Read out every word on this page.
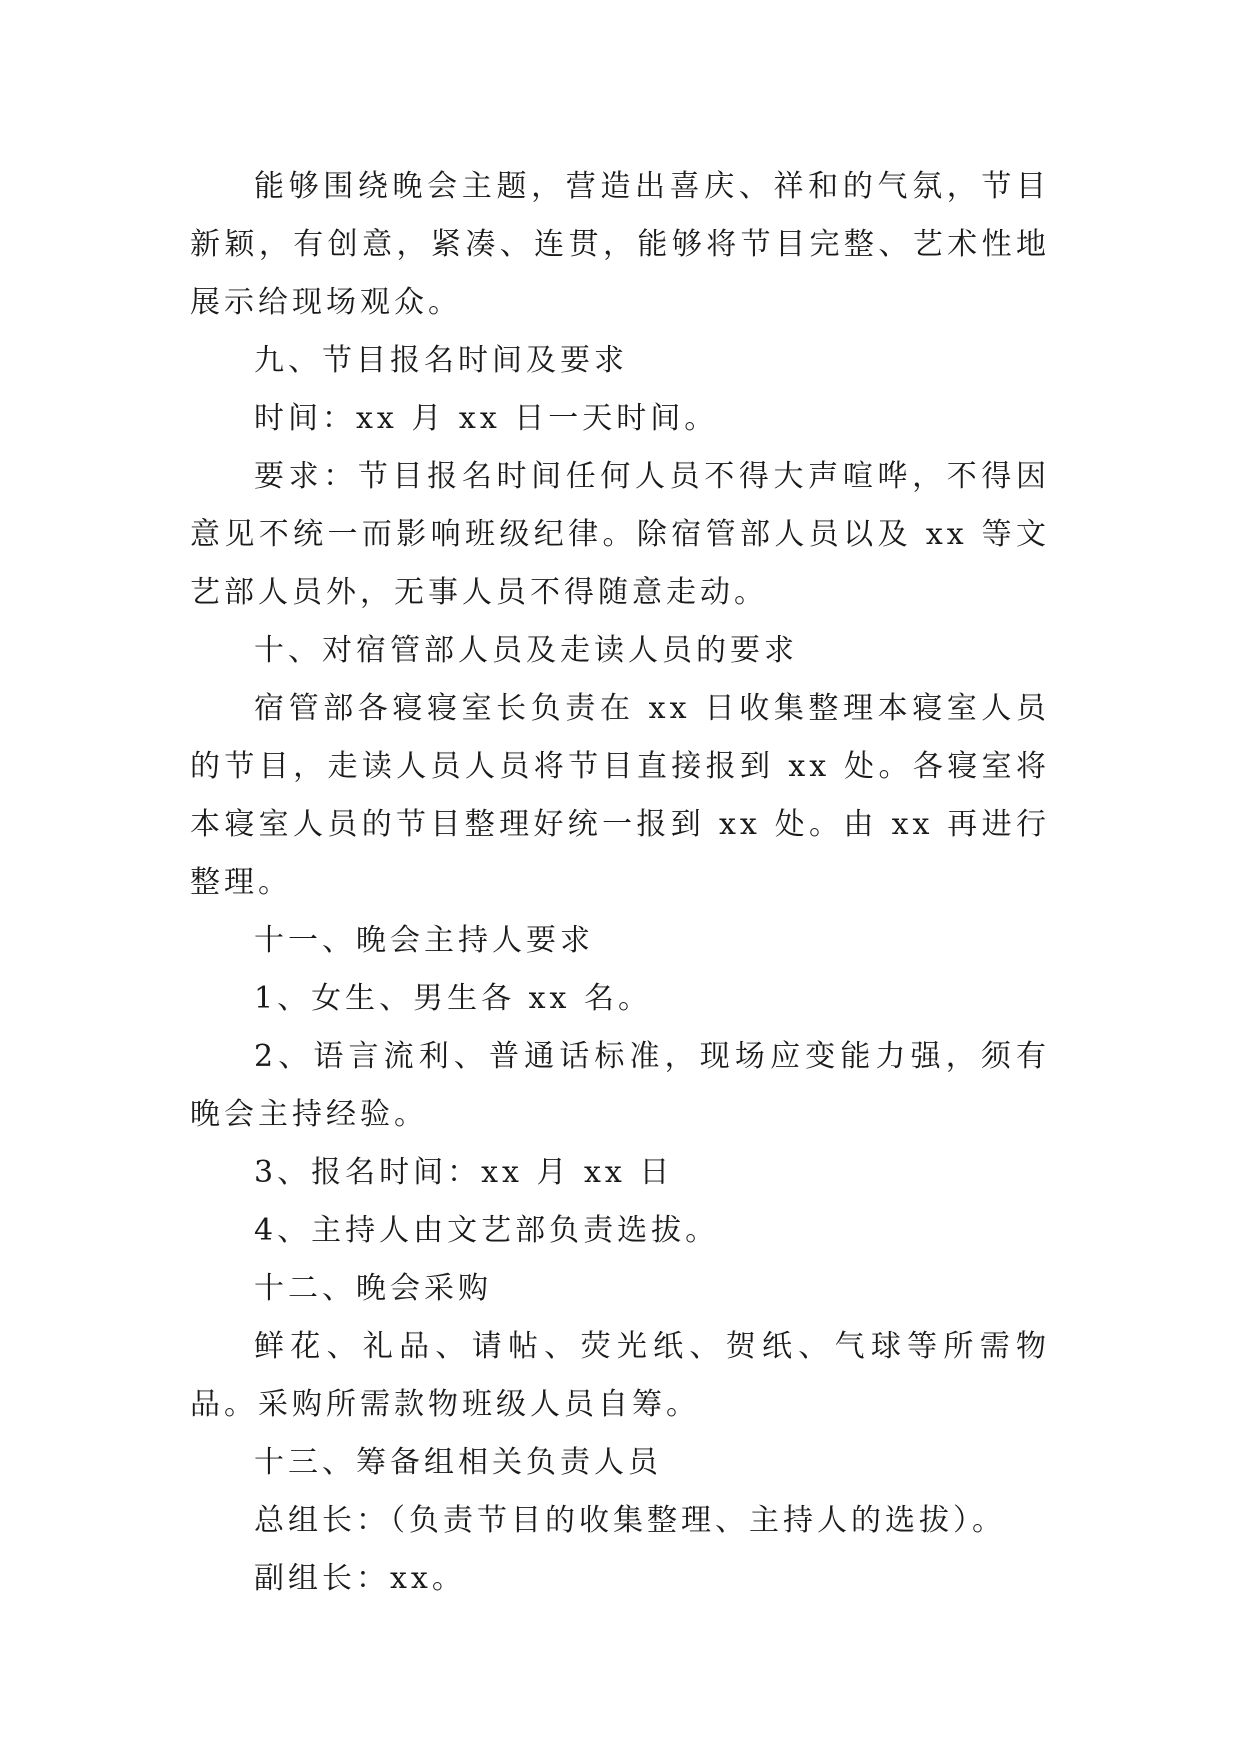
能够围绕晚会主题，营造出喜庆、祥和的气氛，节目新颖，有创意，紧凑、连贯，能够将节目完整、艺术性地展示给现场观众。

九、节目报名时间及要求

时间：xx 月 xx 日一天时间。

要求：节目报名时间任何人员不得大声喧哗，不得因意见不统一而影响班级纪律。除宿管部人员以及 xx 等文艺部人员外，无事人员不得随意走动。

十、对宿管部人员及走读人员的要求

宿管部各寝寝室长负责在 xx 日收集整理本寝室人员的节目，走读人员人员将节目直接报到 xx 处。各寝室将本寝室人员的节目整理好统一报到 xx 处。由 xx 再进行整理。

十一、晚会主持人要求

1、女生、男生各 xx 名。

2、语言流利、普通话标准，现场应变能力强，须有晚会主持经验。

3、报名时间：xx 月 xx 日

4、主持人由文艺部负责选拔。

十二、晚会采购

鲜花、礼品、请帖、荧光纸、贺纸、气球等所需物品。采购所需款物班级人员自筹。

十三、筹备组相关负责人员

总组长：（负责节目的收集整理、主持人的选拔）。

副组长：xx。
